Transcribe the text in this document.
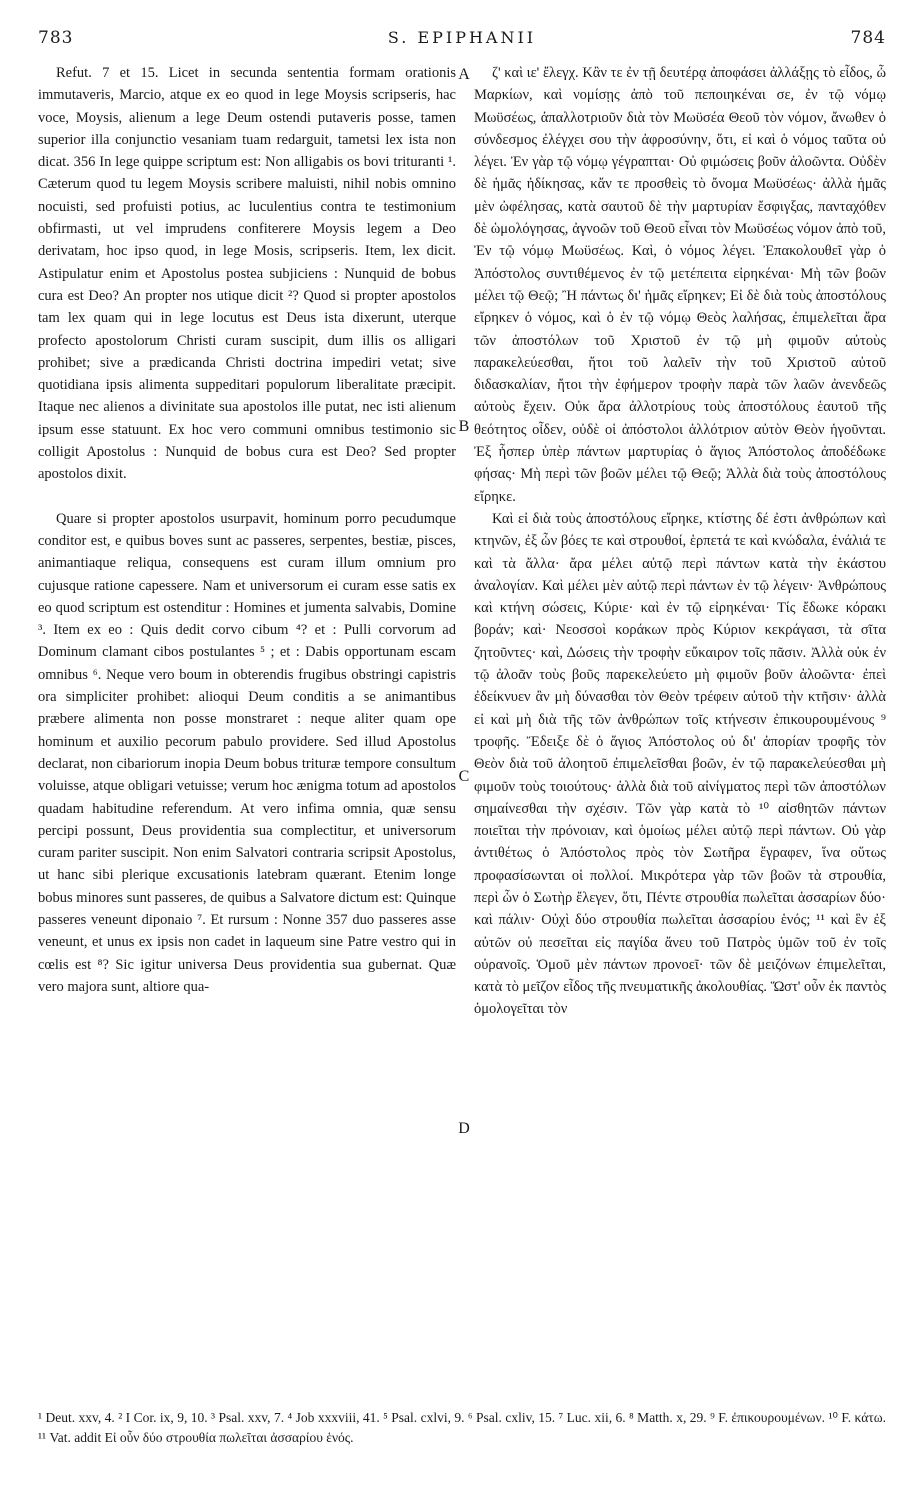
783	S. EPIPHANII	784

Refut. 7 et 15. Licet in secunda sententia formam orationis immutaveris, Marcio, atque ex eo quod in lege Moysis scripseris, hac voce, Moysis, alienum a lege Deum ostendi putaveris posse, tamen superior illa conjunctio vesaniam tuam redarguit, tametsi lex ista non dicat. 356 In lege quippe scriptum est: Non alligabis os bovi trituranti ¹. Cæterum quod tu legem Moysis scribere maluisti, nihil nobis omnino nocuisti, sed profuisti potius, ac luculentius contra te testimonium obfirmasti, ut vel imprudens confiterere Moysis legem a Deo derivatam, hoc ipso quod, in lege Mosis, scripseris. Item, lex dicit. Astipulatur enim et Apostolus postea subjiciens : Nunquid de bobus cura est Deo? An propter nos utique dicit ²? Quod si propter apostolos tam lex quam qui in lege locutus est Deus ista dixerunt, uterque profecto apostolorum Christi curam suscipit, dum illis os alligari prohibet; sive a prædicanda Christi doctrina impediri vetat; sive quotidiana ipsis alimenta suppeditari populorum liberalitate præcipit. Itaque nec alienos a divinitate sua apostolos ille putat, nec isti alienum ipsum esse statuunt. Ex hoc vero communi omnibus testimonio sic colligit Apostolus : Nunquid de bobus cura est Deo? Sed propter apostolos dixit.

Quare si propter apostolos usurpavit, hominum porro pecudumque conditor est, e quibus boves sunt ac passeres, serpentes, bestiæ, pisces, animantiaque reliqua, consequens est curam illum omnium pro cujusque ratione capessere. Nam et universorum ei curam esse satis ex eo quod scriptum est ostenditur : Homines et jumenta salvabis, Domine ³. Item ex eo : Quis dedit corvo cibum ⁴? et : Pulli corvorum ad Dominum clamant cibos postulantes ⁵ ; et : Dabis opportunam escam omnibus ⁶. Neque vero boum in obterendis frugibus obstringi capistris ora simpliciter prohibet: alioqui Deum conditis a se animantibus præbere alimenta non posse monstraret : neque aliter quam ope hominum et auxilio pecorum pabulo providere. Sed illud Apostolus declarat, non cibariorum inopia Deum bobus trituræ tempore consultum voluisse, atque obligari vetuisse; verum hoc ænigma totum ad apostolos quadam habitudine referendum. At vero infima omnia, quæ sensu percipi possunt, Deus providentia sua complectitur, et universorum curam pariter suscipit. Non enim Salvatori contraria scripsit Apostolus, ut hanc sibi plerique excusationis latebram quærant. Etenim longe bobus minores sunt passeres, de quibus a Salvatore dictum est: Quinque passeres veneunt diponaio ⁷. Et rursum : Nonne 357 duo passeres asse veneunt, et unus ex ipsis non cadet in laqueum sine Patre vestro qui in cœlis est ⁸? Sic igitur universa Deus providentia sua gubernat. Quæ vero majora sunt, altiore qua-

ζ' καὶ ιε' ἔλεγχ. Κἂν τε ἐν τῇ δευτέρᾳ ἀποφάσει ἀλλάξῃς τὸ εἶδος, ὦ Μαρκίων, καὶ νομίσῃς ἀπὸ τοῦ πεποιηκέναι σε, ἐν τῷ νόμῳ Μωϋσέως, ἀπαλλοτριοῦν διὰ τὸν Μωϋσέα Θεοῦ τὸν νόμον, ἄνωθεν ὁ σύνδεσμος ἐλέγχει σου τὴν ἀφροσύνην, ὅτι, εἰ καὶ ὁ νόμος ταῦτα οὐ λέγει. Ἐν γὰρ τῷ νόμῳ γέγραπται· Οὐ φιμώσεις βοῦν ἀλοῶντα. Οὐδὲν δὲ ἡμᾶς ἠδίκησας, κἄν τε προσθεὶς τὸ ὄνομα Μωϋσέως· ἀλλὰ ἡμᾶς μὲν ὠφέλησας, κατὰ σαυτοῦ δὲ τὴν μαρτυρίαν ἔσφιγξας, πανταχόθεν δὲ ὡμολόγησας, ἀγνοῶν τοῦ Θεοῦ εἶναι τὸν Μωϋσέως νόμον ἀπὸ τοῦ, Ἐν τῷ νόμῳ Μωϋσέως. Καὶ, ὁ νόμος λέγει. Ἐπακολουθεῖ γὰρ ὁ Ἀπόστολος συντιθέμενος ἐν τῷ μετέπειτα εἰρηκέναι· Μὴ τῶν βοῶν μέλει τῷ Θεῷ; Ἢ πάντως δι' ἡμᾶς εἴρηκεν; Εἰ δὲ διὰ τοὺς ἀποστόλους εἴρηκεν ὁ νόμος, καὶ ὁ ἐν τῷ νόμῳ Θεὸς λαλήσας, ἐπιμελεῖται ἄρα τῶν ἀποστόλων τοῦ Χριστοῦ ἐν τῷ μὴ φιμοῦν αὐτοὺς παρακελεύεσθαι, ἤτοι τοῦ λαλεῖν τὴν τοῦ Χριστοῦ αὐτοῦ διδασκαλίαν, ἤτοι τὴν ἐφήμερον τροφὴν παρὰ τῶν λαῶν ἀνενδεῶς αὐτοὺς ἔχειν. Οὐκ ἄρα ἀλλοτρίους τοὺς ἀποστόλους ἑαυτοῦ τῆς θεότητος οἶδεν, οὐδὲ οἱ ἀπόστολοι ἀλλότριον αὐτὸν Θεὸν ἡγοῦνται. Ἐξ ἧσπερ ὑπὲρ πάντων μαρτυρίας ὁ ἅγιος Ἀπόστολος ἀποδέδωκε φήσας· Μὴ περὶ τῶν βοῶν μέλει τῷ Θεῷ; Ἀλλὰ διὰ τοὺς ἀποστόλους εἴρηκε.

Καὶ εἰ διὰ τοὺς ἀποστόλους εἴρηκε, κτίστης δέ ἐστι ἀνθρώπων καὶ κτηνῶν, ἐξ ὧν βόες τε καὶ στρουθοί, ἑρπετά τε καὶ κνώδαλα, ἐνάλιά τε καὶ τὰ ἄλλα· ἄρα μέλει αὐτῷ περὶ πάντων κατὰ τὴν ἑκάστου ἀναλογίαν. Καὶ μέλει μὲν αὐτῷ περὶ πάντων ἐν τῷ λέγειν· Ἀνθρώπους καὶ κτήνη σώσεις, Κύριε· καὶ ἐν τῷ εἰρηκέναι· Τίς ἔδωκε κόρακι βοράν; καὶ· Νεοσσοὶ κοράκων πρὸς Κύριον κεκράγασι, τὰ σῖτα ζητοῦντες· καὶ, Δώσεις τὴν τροφὴν εὔκαιρον τοῖς πᾶσιν. Ἀλλὰ οὐκ ἐν τῷ ἀλοᾶν τοὺς βοῦς παρεκελεύετο μὴ φιμοῦν βοῦν ἀλοῶντα· ἐπεὶ ἐδείκνυεν ἂν μὴ δύνασθαι τὸν Θεὸν τρέφειν αὐτοῦ τὴν κτῆσιν· ἀλλὰ εἰ καὶ μὴ διὰ τῆς τῶν ἀνθρώπων τοῖς κτήνεσιν ἐπικουρουμένους ⁹ τροφῆς. Ἔδειξε δὲ ὁ ἅγιος Ἀπόστολος οὐ δι' ἀπορίαν τροφῆς τὸν Θεὸν διὰ τοῦ ἀλοητοῦ ἐπιμελεῖσθαι βοῶν, ἐν τῷ παρακελεύεσθαι μὴ φιμοῦν τοὺς τοιούτους· ἀλλὰ διὰ τοῦ αἰνίγματος περὶ τῶν ἀποστόλων σημαίνεσθαι τὴν σχέσιν. Τῶν γὰρ κατὰ τὸ ¹⁰ αἰσθητῶν πάντων ποιεῖται τὴν πρόνοιαν, καὶ ὁμοίως μέλει αὐτῷ περὶ πάντων. Οὐ γὰρ ἀντιθέτως ὁ Ἀπόστολος πρὸς τὸν Σωτῆρα ἔγραφεν, ἵνα οὕτως προφασίσωνται οἱ πολλοί. Μικρότερα γὰρ τῶν βοῶν τὰ στρουθία, περὶ ὧν ὁ Σωτὴρ ἔλεγεν, ὅτι, Πέντε στρουθία πωλεῖται ἀσσαρίων δύο· καὶ πάλιν· Οὐχὶ δύο στρουθία πωλεῖται ἀσσαρίου ἑνός; ¹¹ καὶ ἓν ἐξ αὐτῶν οὐ πεσεῖται εἰς παγίδα ἄνευ τοῦ Πατρὸς ὑμῶν τοῦ ἐν τοῖς οὐρανοῖς. Ὁμοῦ μὲν πάντων προνοεῖ· τῶν δὲ μειζόνων ἐπιμελεῖται, κατὰ τὸ μεῖζον εἶδος τῆς πνευματικῆς ἀκολουθίας. Ὥστ' οὖν ἐκ παντὸς ὁμολογεῖται τὸν

A
B
C
D
¹ Deut. xxv, 4. ² I Cor. ix, 9, 10. ³ Psal. xxv, 7. ⁴ Job xxxviii, 41. ⁵ Psal. cxlvi, 9. ⁶ Psal. cxliv, 15. ⁷ Luc. xii, 6. ⁸ Matth. x, 29. ⁹ F. ἐπικουρουμένων. ¹⁰ F. κάτω. ¹¹ Vat. addit Εἰ οὖν δύο στρουθία πωλεῖται ἀσσαρίου ἑνός.
